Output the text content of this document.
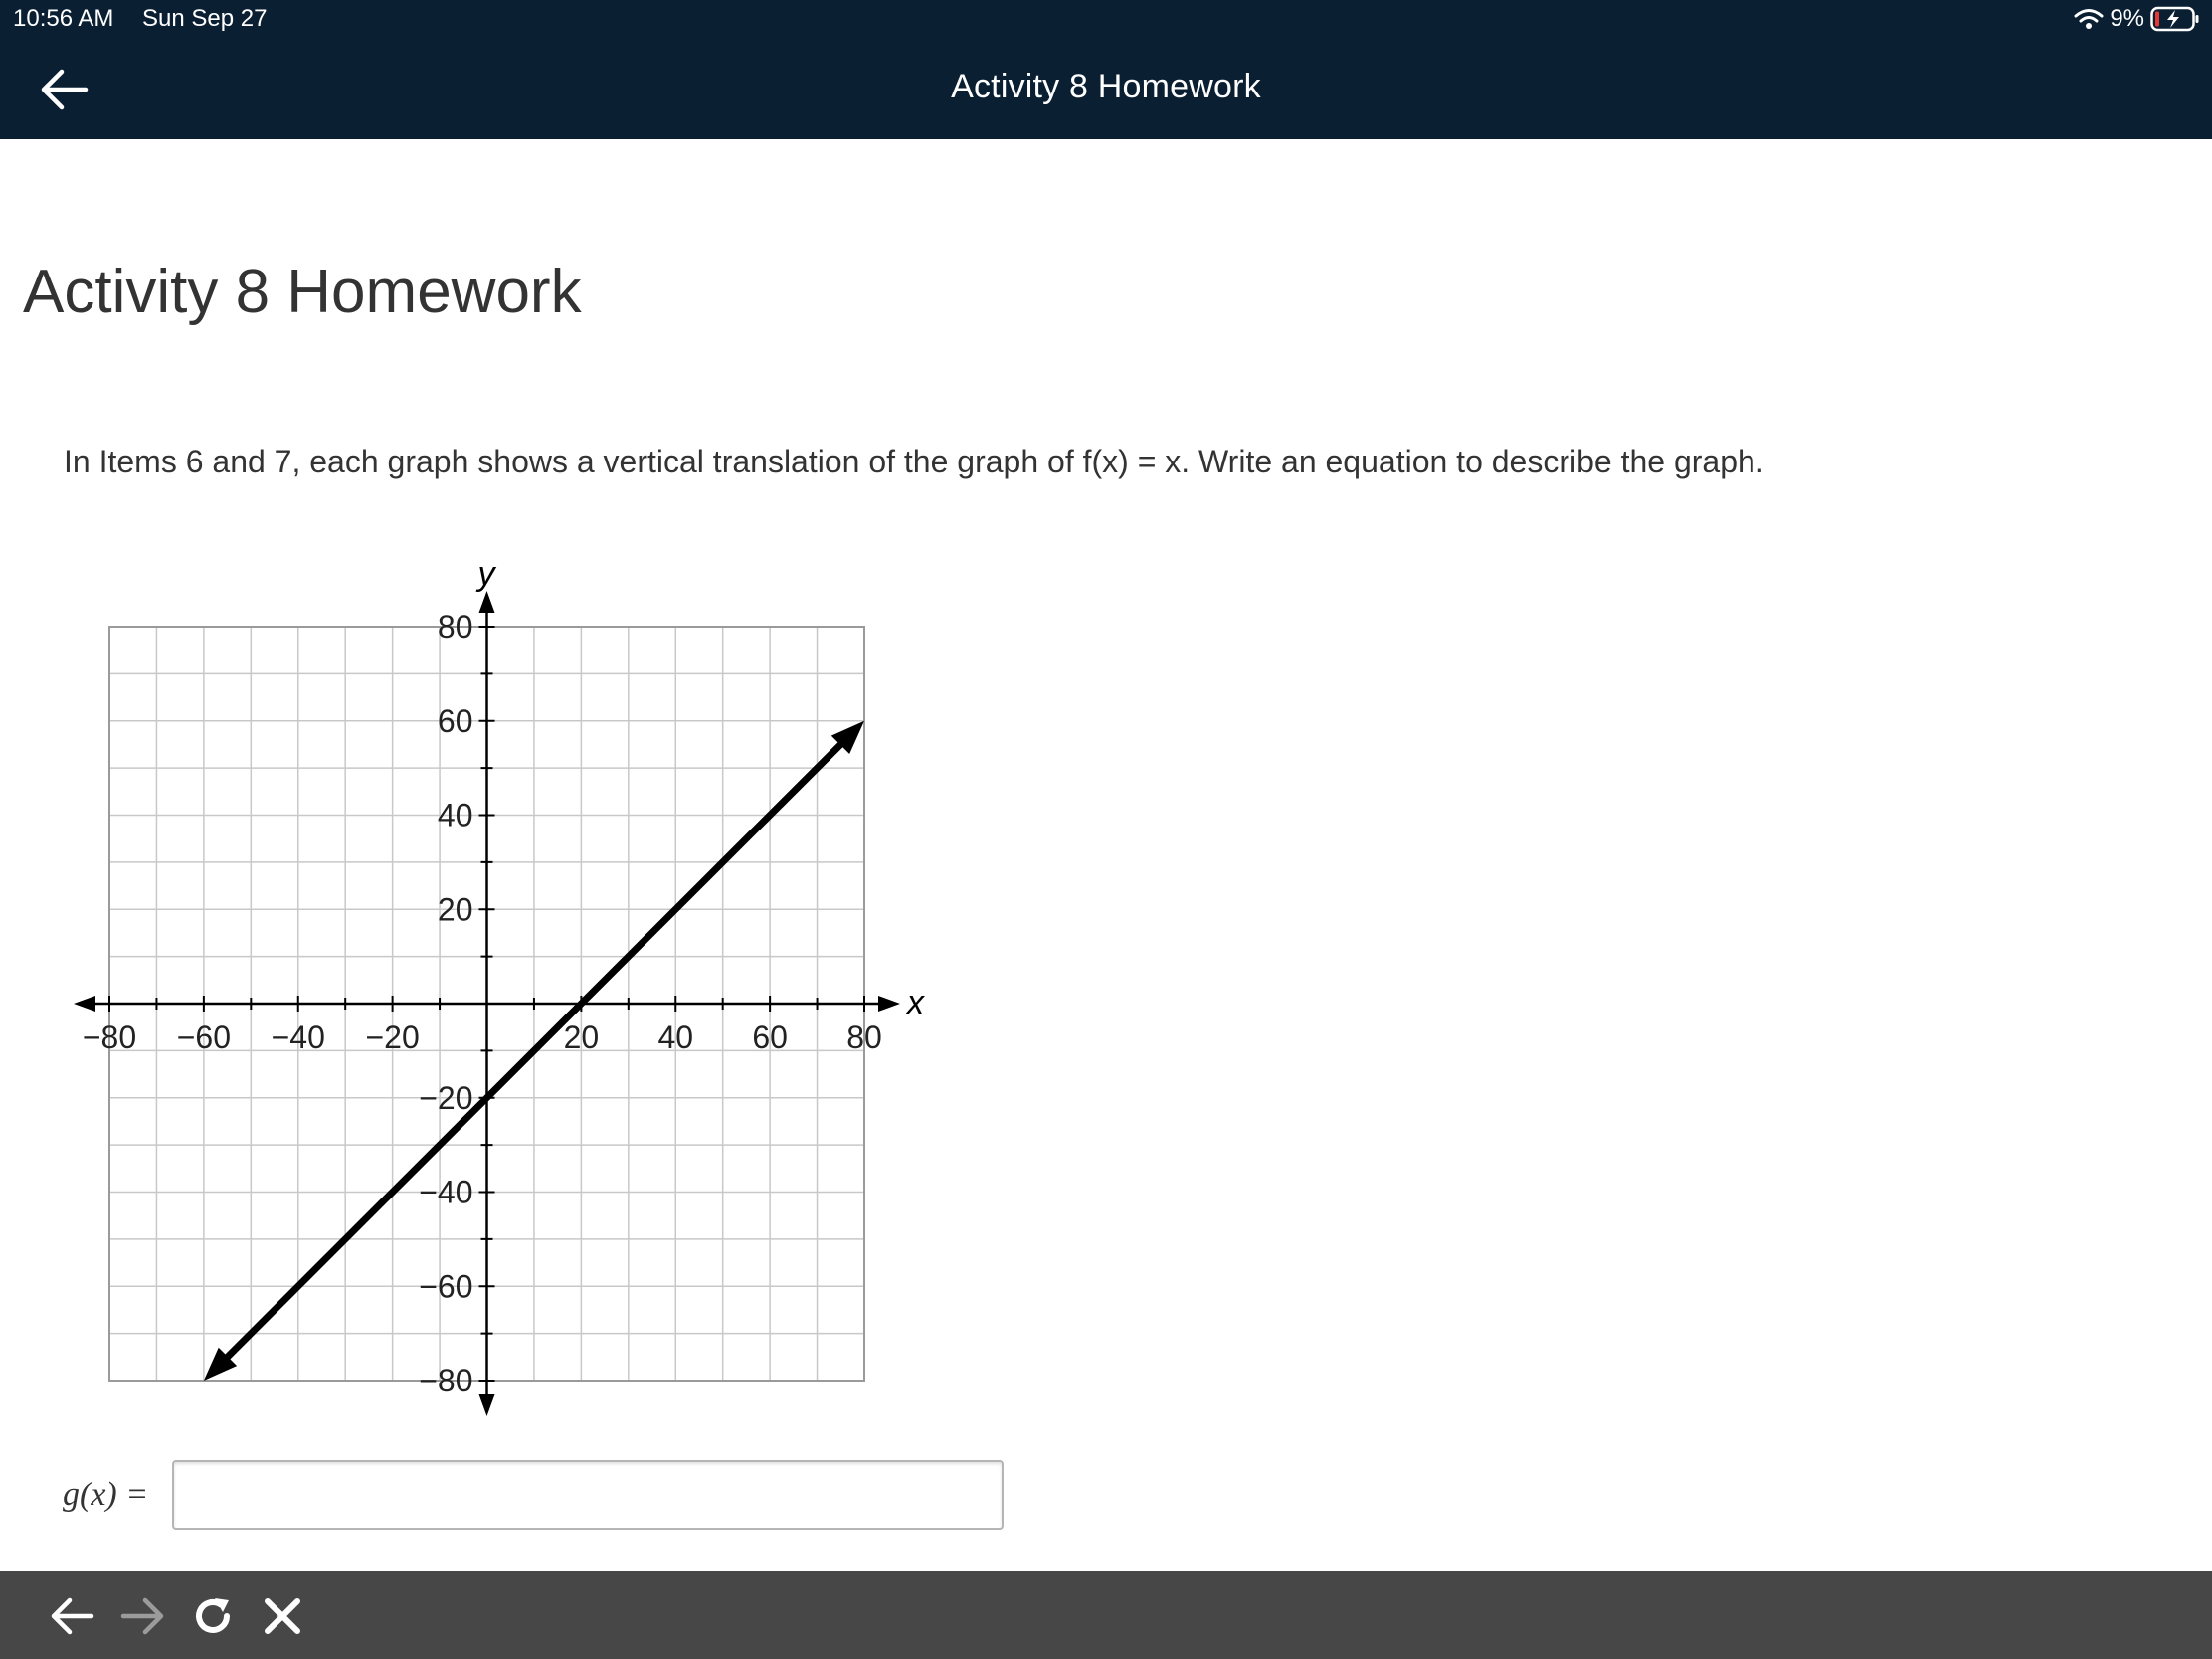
10:56 AM Sun Sep 27	9%
Activity 8 Homework
Activity 8 Homework

In Items 6 and 7, each graph shows a vertical translation of the graph of f(x) = x. Write an equation to describe the graph.

x
y
−80 −60 −40 −20	20 40 60 80
80
60
40
20
−20
−40
−60
−80
g(x) =
